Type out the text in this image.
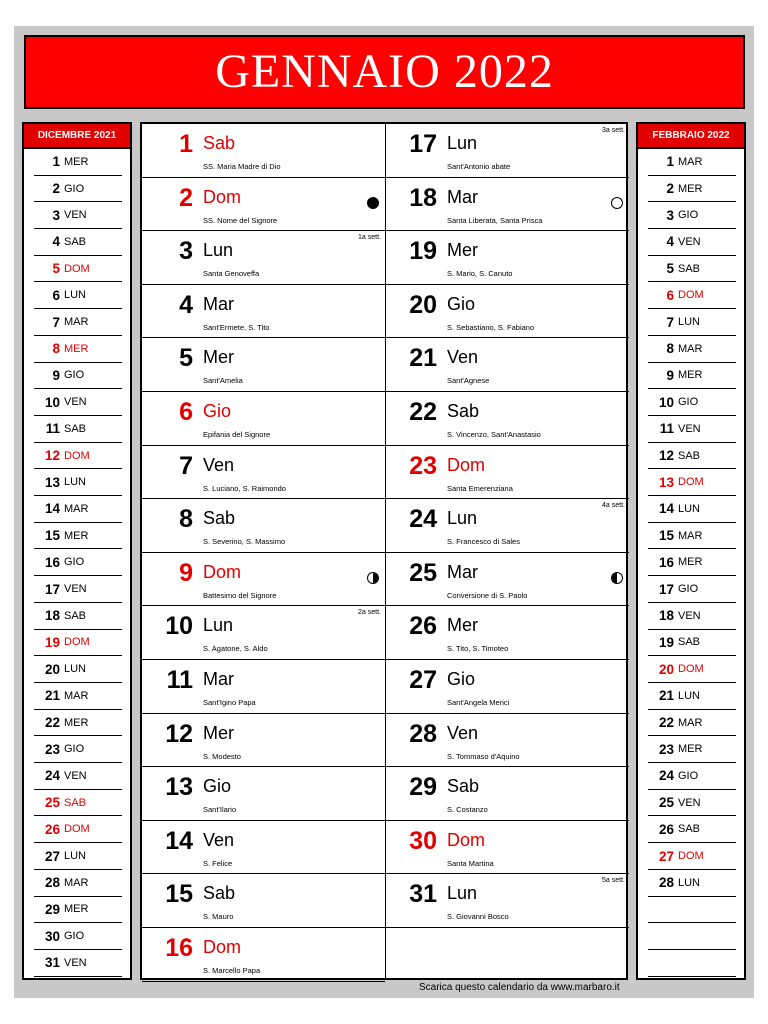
GENNAIO 2022
DICEMBRE 2021
1 MER
2 GIO
3 VEN
4 SAB
5 DOM
6 LUN
7 MAR
8 MER
9 GIO
10 VEN
11 SAB
12 DOM
13 LUN
14 MAR
15 MER
16 GIO
17 VEN
18 SAB
19 DOM
20 LUN
21 MAR
22 MER
23 GIO
24 VEN
25 SAB
26 DOM
27 LUN
28 MAR
29 MER
30 GIO
31 VEN
1 Sab
SS. Maria Madre di Dio
2 Dom
SS. Nome del Signore
3 Lun
Santa Genoveffa
1a sett.
4 Mar
Sant'Ermete, S. Tito
5 Mer
Sant'Amelia
6 Gio
Epifania del Signore
7 Ven
S. Luciano, S. Raimondo
8 Sab
S. Severino, S. Massimo
9 Dom
Battesimo del Signore
10 Lun
S. Agatone, S. Aldo
2a sett.
11 Mar
Sant'Igino Papa
12 Mer
S. Modesto
13 Gio
Sant'Ilario
14 Ven
S. Felice
15 Sab
S. Mauro
16 Dom
S. Marcello Papa
17 Lun
Sant'Antonio abate
3a sett.
18 Mar
Santa Liberata, Santa Prisca
19 Mer
S. Mario, S. Canuto
20 Gio
S. Sebastiano, S. Fabiano
21 Ven
Sant'Agnese
22 Sab
S. Vincenzo, Sant'Anastasio
23 Dom
Santa Emerenziana
24 Lun
S. Francesco di Sales
4a sett.
25 Mar
Conversione di S. Paolo
26 Mer
S. Tito, S. Timoteo
27 Gio
Sant'Angela Merici
28 Ven
S. Tommaso d'Aquino
29 Sab
S. Costanzo
30 Dom
Santa Martina
31 Lun
S. Giovanni Bosco
5a sett.
FEBBRAIO 2022
1 MAR
2 MER
3 GIO
4 VEN
5 SAB
6 DOM
7 LUN
8 MAR
9 MER
10 GIO
11 VEN
12 SAB
13 DOM
14 LUN
15 MAR
16 MER
17 GIO
18 VEN
19 SAB
20 DOM
21 LUN
22 MAR
23 MER
24 GIO
25 VEN
26 SAB
27 DOM
28 LUN
Scarica questo calendario da www.marbaro.it
